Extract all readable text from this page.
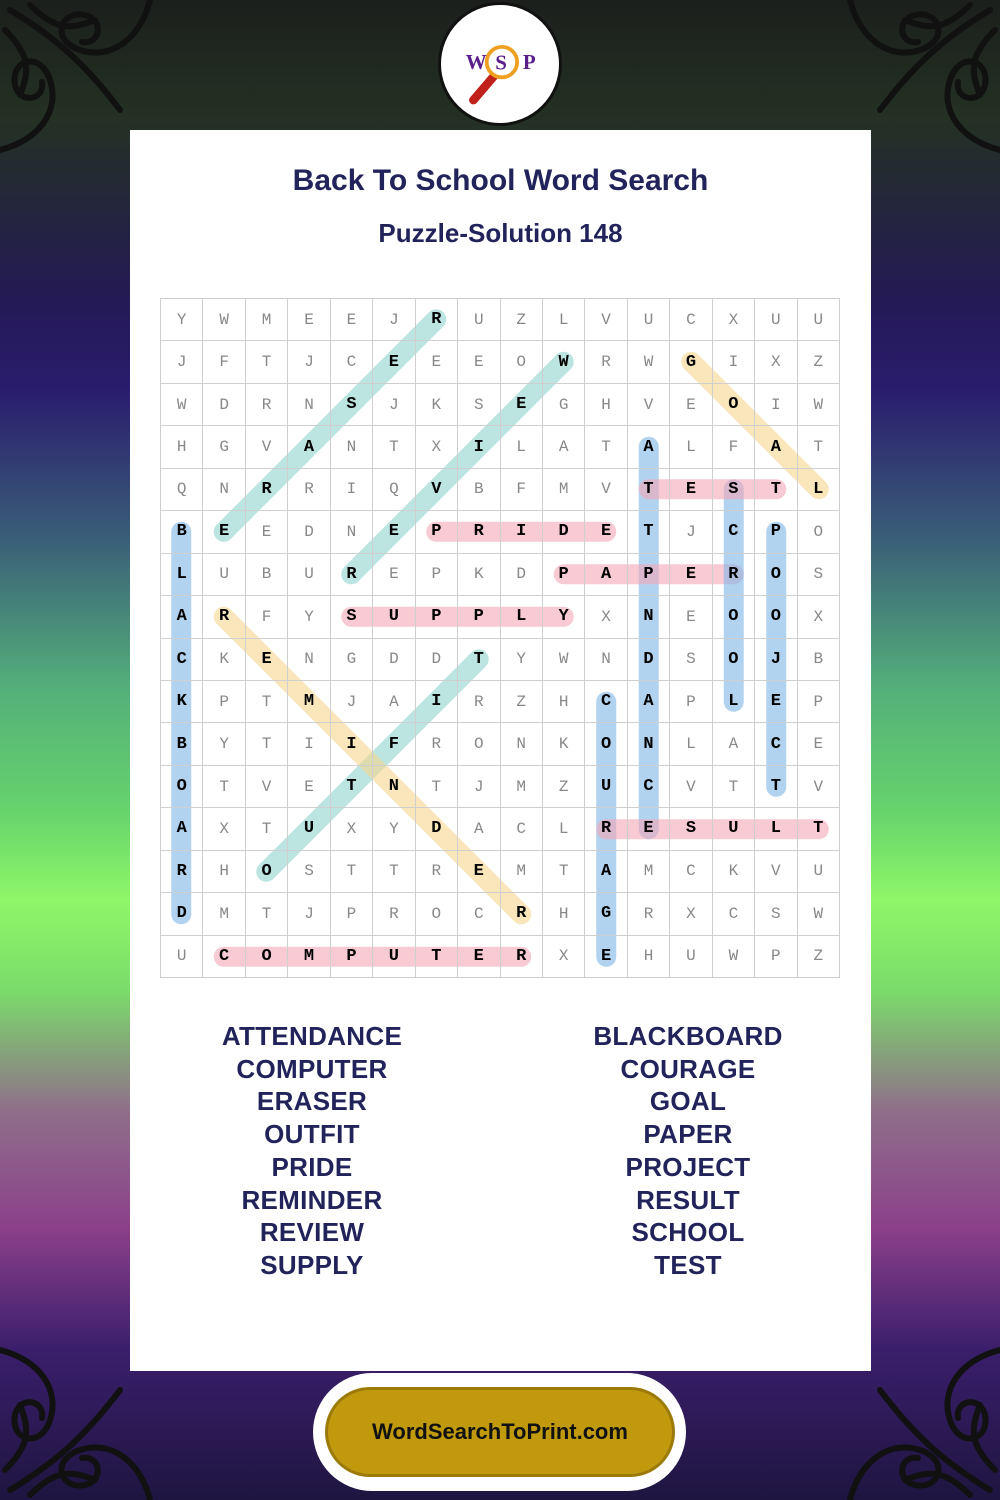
W S P
Back To School Word Search
Puzzle-Solution 148
Y	W	M	E	E	J	R	U	Z	L	V	U	C	X	U	U
J	F	T	J	C	E	E	E	O	W	R	W	G	I	X	Z
W	D	R	N	S	J	K	S	E	G	H	V	E	O	I	W
H	G	V	A	N	T	X	I	L	A	T	A	L	F	A	T
Q	N	R	R	I	Q	V	B	F	M	V	T	E	S	T	L
B	E	E	D	N	E	P	R	I	D	E	T	J	C	P	O
L	U	B	U	R	E	P	K	D	P	A	P	E	R	O	S
A	R	F	Y	S	U	P	P	L	Y	X	N	E	O	O	X
C	K	E	N	G	D	D	T	Y	W	N	D	S	O	J	B
K	P	T	M	J	A	I	R	Z	H	C	A	P	L	E	P
B	Y	T	I	I	F	R	O	N	K	O	N	L	A	C	E
O	T	V	E	T	N	T	J	M	Z	U	C	V	T	T	V
A	X	T	U	X	Y	D	A	C	L	R	E	S	U	L	T
R	H	O	S	T	T	R	E	M	T	A	M	C	K	V	U
D	M	T	J	P	R	O	C	R	H	G	R	X	C	S	W
U	C	O	M	P	U	T	E	R	X	E	H	U	W	P	Z
ATTENDANCE
COMPUTER
ERASER
OUTFIT
PRIDE
REMINDER
REVIEW
SUPPLY
BLACKBOARD
COURAGE
GOAL
PAPER
PROJECT
RESULT
SCHOOL
TEST
WordSearchToPrint.com
